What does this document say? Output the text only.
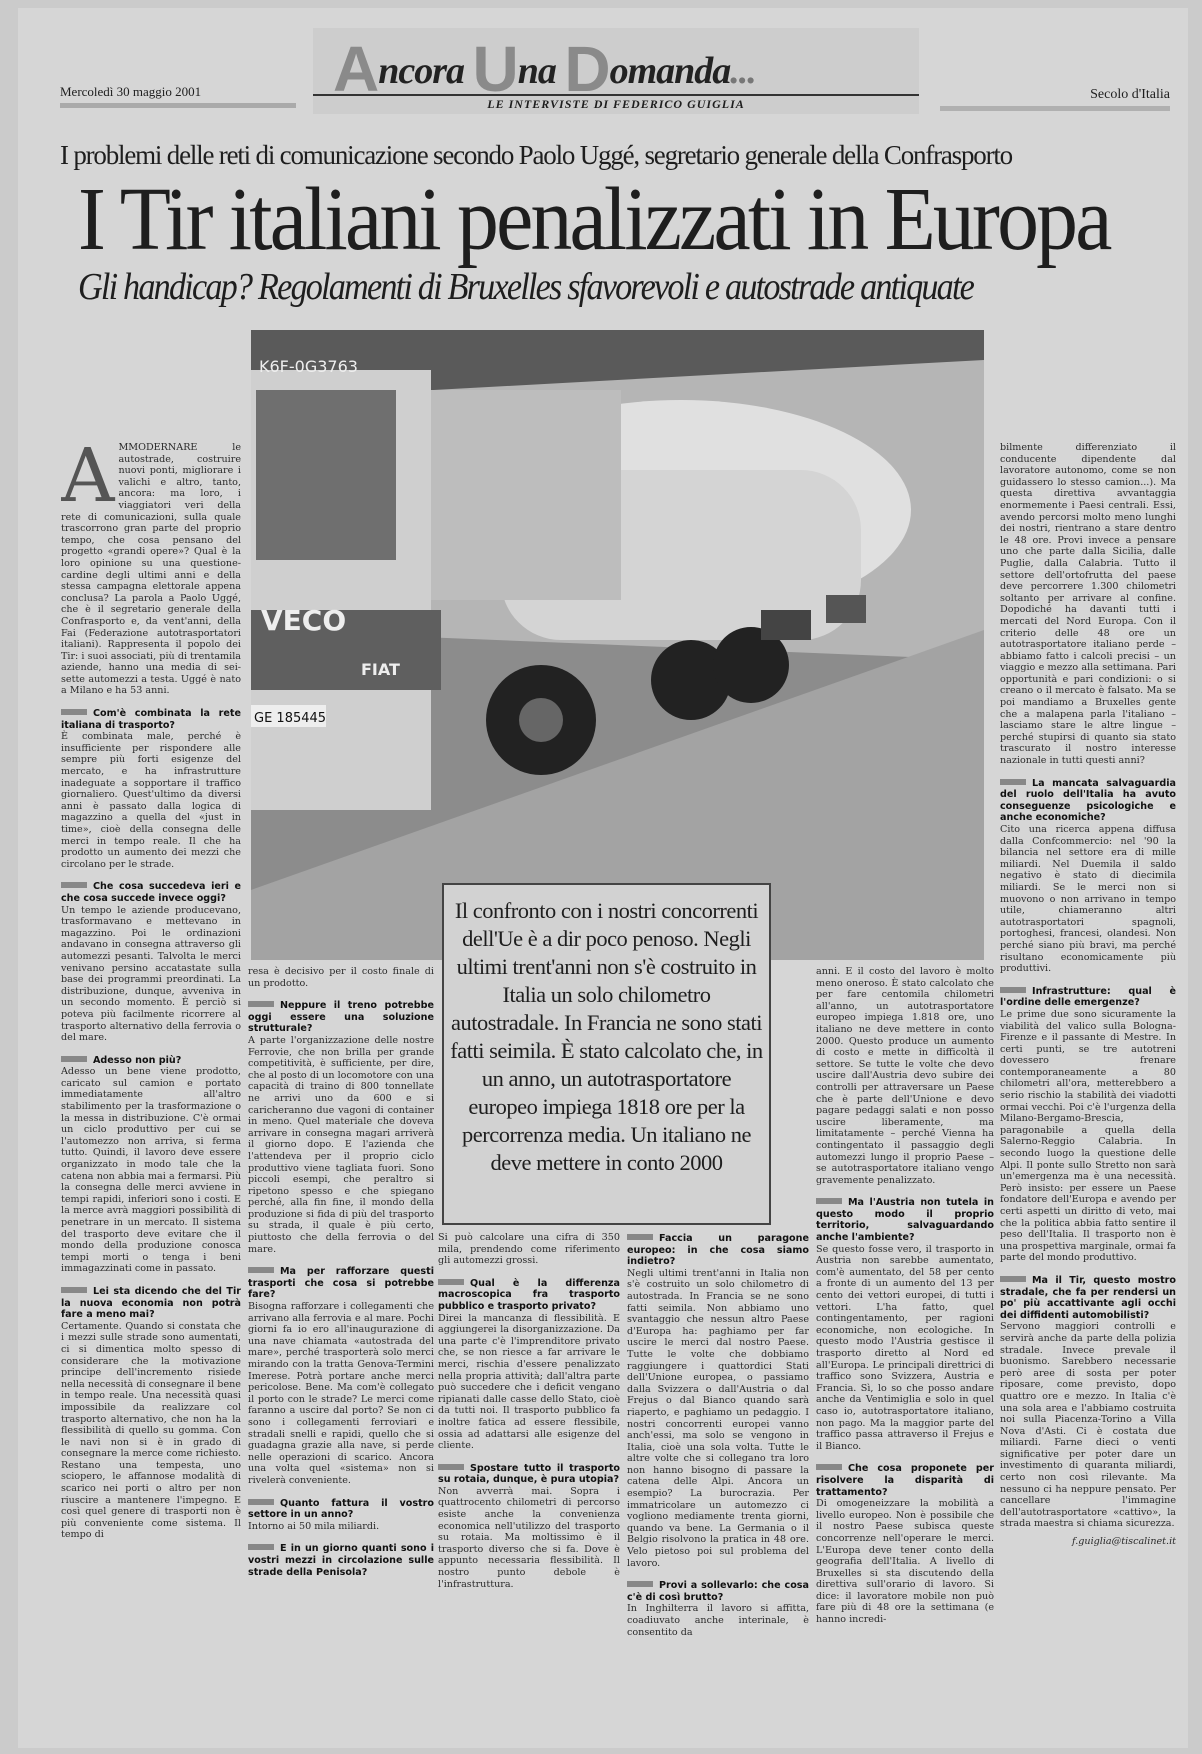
Ancora Una Domanda...
LE INTERVISTE DI FEDERICO GUIGLIA
Mercoledì 30 maggio 2001	Secolo d'Italia
I problemi delle reti di comunicazione secondo Paolo Uggé, segretario generale della Confrasporto
I Tir italiani penalizzati in Europa
Gli handicap? Regolamenti di Bruxelles sfavorevoli e autostrade antiquate
VECO
FIAT
K6F-0G3763
GE 185445
Il confronto con i nostri concorrenti dell'Ue è a dir poco penoso. Negli ultimi trent'anni non s'è costruito in Italia un solo chilometro autostradale. In Francia ne sono stati fatti seimila. È stato calcolato che, in un anno, un autotrasportatore europeo impiega 1818 ore per la percorrenza media. Un italiano ne deve mettere in conto 2000

AMMODERNARE le autostrade, costruire nuovi ponti, migliorare i valichi e altro, tanto, ancora: ma loro, i viaggiatori veri della rete di comunicazioni, sulla quale trascorrono gran parte del proprio tempo, che cosa pensano del progetto «grandi opere»? Qual è la loro opinione su una questione-cardine degli ultimi anni e della stessa campagna elettorale appena conclusa? La parola a Paolo Uggé, che è il segretario generale della Confrasporto e, da vent'anni, della Fai (Federazione autotrasportatori italiani). Rappresenta il popolo dei Tir: i suoi associati, più di trentamila aziende, hanno una media di sei-sette automezzi a testa. Uggé è nato a Milano e ha 53 anni.

Com'è combinata la rete italiana di trasporto?

È combinata male, perché è insufficiente per rispondere alle sempre più forti esigenze del mercato, e ha infrastrutture inadeguate a sopportare il traffico giornaliero. Quest'ultimo da diversi anni è passato dalla logica di magazzino a quella del «just in time», cioè della consegna delle merci in tempo reale. Il che ha prodotto un aumento dei mezzi che circolano per le strade.

Che cosa succedeva ieri e che cosa succede invece oggi?

Un tempo le aziende producevano, trasformavano e mettevano in magazzino. Poi le ordinazioni andavano in consegna attraverso gli automezzi pesanti. Talvolta le merci venivano persino accatastate sulla base dei programmi preordinati. La distribuzione, dunque, avveniva in un secondo momento. È perciò si poteva più facilmente ricorrere al trasporto alternativo della ferrovia o del mare.

Adesso non più?

Adesso un bene viene prodotto, caricato sul camion e portato immediatamente all'altro stabilimento per la trasformazione o la messa in distribuzione. C'è ormai un ciclo produttivo per cui se l'automezzo non arriva, si ferma tutto. Quindi, il lavoro deve essere organizzato in modo tale che la catena non abbia mai a fermarsi. Più la consegna delle merci avviene in tempi rapidi, inferiori sono i costi. E la merce avrà maggiori possibilità di penetrare in un mercato. Il sistema del trasporto deve evitare che il mondo della produzione conosca tempi morti o tenga i beni immagazzinati come in passato.

Lei sta dicendo che del Tir la nuova economia non potrà fare a meno mai?

Certamente. Quando si constata che i mezzi sulle strade sono aumentati, ci si dimentica molto spesso di considerare che la motivazione principe dell'incremento risiede nella necessità di consegnare il bene in tempo reale. Una necessità quasi impossibile da realizzare col trasporto alternativo, che non ha la flessibilità di quello su gomma. Con le navi non si è in grado di consegnare la merce come richiesto. Restano una tempesta, uno sciopero, le affannose modalità di scarico nei porti o altro per non riuscire a mantenere l'impegno. E così quel genere di trasporti non è più conveniente come sistema. Il tempo di

resa è decisivo per il costo finale di un prodotto.

Neppure il treno potrebbe oggi essere una soluzione strutturale?

A parte l'organizzazione delle nostre Ferrovie, che non brilla per grande competitività, è sufficiente, per dire, che al posto di un locomotore con una capacità di traino di 800 tonnellate ne arrivi uno da 600 e si caricheranno due vagoni di container in meno. Quel materiale che doveva arrivare in consegna magari arriverà il giorno dopo. E l'azienda che l'attendeva per il proprio ciclo produttivo viene tagliata fuori. Sono piccoli esempi, che peraltro si ripetono spesso e che spiegano perché, alla fin fine, il mondo della produzione si fida di più del trasporto su strada, il quale è più certo, piuttosto che della ferrovia o del mare.

Ma per rafforzare questi trasporti che cosa si potrebbe fare?

Bisogna rafforzare i collegamenti che arrivano alla ferrovia e al mare. Pochi giorni fa io ero all'inaugurazione di una nave chiamata «autostrada del mare», perché trasporterà solo merci mirando con la tratta Genova-Termini Imerese. Potrà portare anche merci pericolose. Bene. Ma com'è collegato il porto con le strade? Le merci come faranno a uscire dal porto? Se non ci sono i collegamenti ferroviari e stradali snelli e rapidi, quello che si guadagna grazie alla nave, si perde nelle operazioni di scarico. Ancora una volta quel «sistema» non si rivelerà conveniente.

Quanto fattura il vostro settore in un anno?

Intorno ai 50 mila miliardi.

E in un giorno quanti sono i vostri mezzi in circolazione sulle strade della Penisola?

Si può calcolare una cifra di 350 mila, prendendo come riferimento gli automezzi grossi.

Qual è la differenza macroscopica fra trasporto pubblico e trasporto privato?

Direi la mancanza di flessibilità. E aggiungerei la disorganizzazione. Da una parte c'è l'imprenditore privato che, se non riesce a far arrivare le merci, rischia d'essere penalizzato nella propria attività; dall'altra parte può succedere che i deficit vengano ripianati dalle casse dello Stato, cioè da tutti noi. Il trasporto pubblico fa inoltre fatica ad essere flessibile, ossia ad adattarsi alle esigenze del cliente.

Spostare tutto il trasporto su rotaia, dunque, è pura utopia?

Non avverrà mai. Sopra i quattrocento chilometri di percorso esiste anche la convenienza economica nell'utilizzo del trasporto su rotaia. Ma moltissimo è il trasporto diverso che si fa. Dove è appunto necessaria flessibilità. Il nostro punto debole è l'infrastruttura.

Faccia un paragone europeo: in che cosa siamo indietro?

Negli ultimi trent'anni in Italia non s'è costruito un solo chilometro di autostrada. In Francia se ne sono fatti seimila. Non abbiamo uno svantaggio che nessun altro Paese d'Europa ha: paghiamo per far uscire le merci dal nostro Paese. Tutte le volte che dobbiamo raggiungere i quattordici Stati dell'Unione europea, o passiamo dalla Svizzera o dall'Austria o dal Frejus o dal Bianco quando sarà riaperto, e paghiamo un pedaggio. I nostri concorrenti europei vanno anch'essi, ma solo se vengono in Italia, cioè una sola volta. Tutte le altre volte che si collegano tra loro non hanno bisogno di passare la catena delle Alpi. Ancora un esempio? La burocrazia. Per immatricolare un automezzo ci vogliono mediamente trenta giorni, quando va bene. La Germania o il Belgio risolvono la pratica in 48 ore. Velo pietoso poi sul problema del lavoro.

Provi a sollevarlo: che cosa c'è di così brutto?

In Inghilterra il lavoro si affitta, coadiuvato anche interinale, è consentito da

anni. E il costo del lavoro è molto meno oneroso. È stato calcolato che per fare centomila chilometri all'anno, un autotrasportatore europeo impiega 1.818 ore, uno italiano ne deve mettere in conto 2000. Questo produce un aumento di costo e mette in difficoltà il settore. Se tutte le volte che devo uscire dall'Austria devo subire dei controlli per attraversare un Paese che è parte dell'Unione e devo pagare pedaggi salati e non posso uscire liberamente, ma limitatamente – perché Vienna ha contingentato il passaggio degli automezzi lungo il proprio Paese – se autotrasportatore italiano vengo gravemente penalizzato.

Ma l'Austria non tutela in questo modo il proprio territorio, salvaguardando anche l'ambiente?

Se questo fosse vero, il trasporto in Austria non sarebbe aumentato, com'è aumentato, del 58 per cento a fronte di un aumento del 13 per cento dei vettori europei, di tutti i vettori. L'ha fatto, quel contingentamento, per ragioni economiche, non ecologiche. In questo modo l'Austria gestisce il trasporto diretto al Nord ed all'Europa. Le principali direttrici di traffico sono Svizzera, Austria e Francia. Sì, lo so che posso andare anche da Ventimiglia e solo in quel caso io, autotrasportatore italiano, non pago. Ma la maggior parte del traffico passa attraverso il Frejus e il Bianco.

Che cosa proponete per risolvere la disparità di trattamento?

Di omogeneizzare la mobilità a livello europeo. Non è possibile che il nostro Paese subisca queste concorrenze nell'operare le merci. L'Europa deve tener conto della geografia dell'Italia. A livello di Bruxelles si sta discutendo della direttiva sull'orario di lavoro. Si dice: il lavoratore mobile non può fare più di 48 ore la settimana (e hanno incredi-

bilmente differenziato il conducente dipendente dal lavoratore autonomo, come se non guidassero lo stesso camion...). Ma questa direttiva avvantaggia enormemente i Paesi centrali. Essi, avendo percorsi molto meno lunghi dei nostri, rientrano a stare dentro le 48 ore. Provi invece a pensare uno che parte dalla Sicilia, dalle Puglie, dalla Calabria. Tutto il settore dell'ortofrutta del paese deve percorrere 1.300 chilometri soltanto per arrivare al confine. Dopodiché ha davanti tutti i mercati del Nord Europa. Con il criterio delle 48 ore un autotrasportatore italiano perde – abbiamo fatto i calcoli precisi – un viaggio e mezzo alla settimana. Pari opportunità e pari condizioni: o si creano o il mercato è falsato. Ma se poi mandiamo a Bruxelles gente che a malapena parla l'italiano – lasciamo stare le altre lingue – perché stupirsi di quanto sia stato trascurato il nostro interesse nazionale in tutti questi anni?

La mancata salvaguardia del ruolo dell'Italia ha avuto conseguenze psicologiche e anche economiche?

Cito una ricerca appena diffusa dalla Confcommercio: nel '90 la bilancia nel settore era di mille miliardi. Nel Duemila il saldo negativo è stato di diecimila miliardi. Se le merci non si muovono o non arrivano in tempo utile, chiameranno altri autotrasportatori spagnoli, portoghesi, francesi, olandesi. Non perché siano più bravi, ma perché risultano economicamente più produttivi.

Infrastrutture: qual è l'ordine delle emergenze?

Le prime due sono sicuramente la viabilità del valico sulla Bologna-Firenze e il passante di Mestre. In certi punti, se tre autotreni dovessero frenare contemporaneamente a 80 chilometri all'ora, metterebbero a serio rischio la stabilità dei viadotti ormai vecchi. Poi c'è l'urgenza della Milano-Bergamo-Brescia, paragonabile a quella della Salerno-Reggio Calabria. In secondo luogo la questione delle Alpi. Il ponte sullo Stretto non sarà un'emergenza ma è una necessità. Però insisto: per essere un Paese fondatore dell'Europa e avendo per certi aspetti un diritto di veto, mai che la politica abbia fatto sentire il peso dell'Italia. Il trasporto non è una prospettiva marginale, ormai fa parte del mondo produttivo.

Ma il Tir, questo mostro stradale, che fa per rendersi un po' più accattivante agli occhi dei diffidenti automobilisti?

Servono maggiori controlli e servirà anche da parte della polizia stradale. Invece prevale il buonismo. Sarebbero necessarie però aree di sosta per poter riposare, come previsto, dopo quattro ore e mezzo. In Italia c'è una sola area e l'abbiamo costruita noi sulla Piacenza-Torino a Villa Nova d'Asti. Ci è costata due miliardi. Farne dieci o venti significative per poter dare un investimento di quaranta miliardi, certo non così rilevante. Ma nessuno ci ha neppure pensato. Per cancellare l'immagine dell'autotrasportatore «cattivo», la strada maestra si chiama sicurezza.

f.guiglia@tiscalinet.it
